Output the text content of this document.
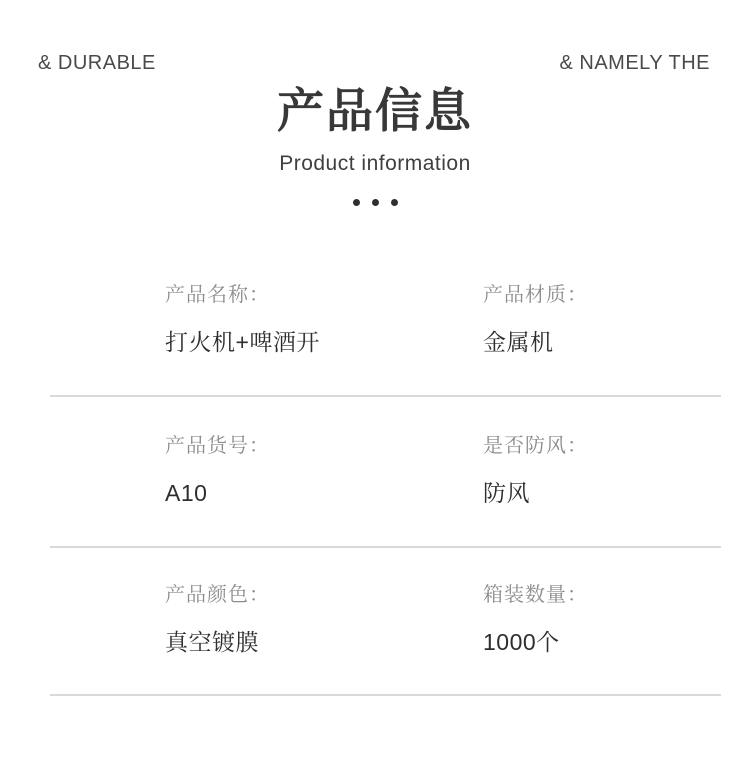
& DURABLE	& NAMELY THE
产品信息
Product information
产品名称：
打火机+啤酒开
产品材质：
金属机
产品货号：
A10
是否防风：
防风
产品颜色：
真空镀膜
箱装数量：
1000个
